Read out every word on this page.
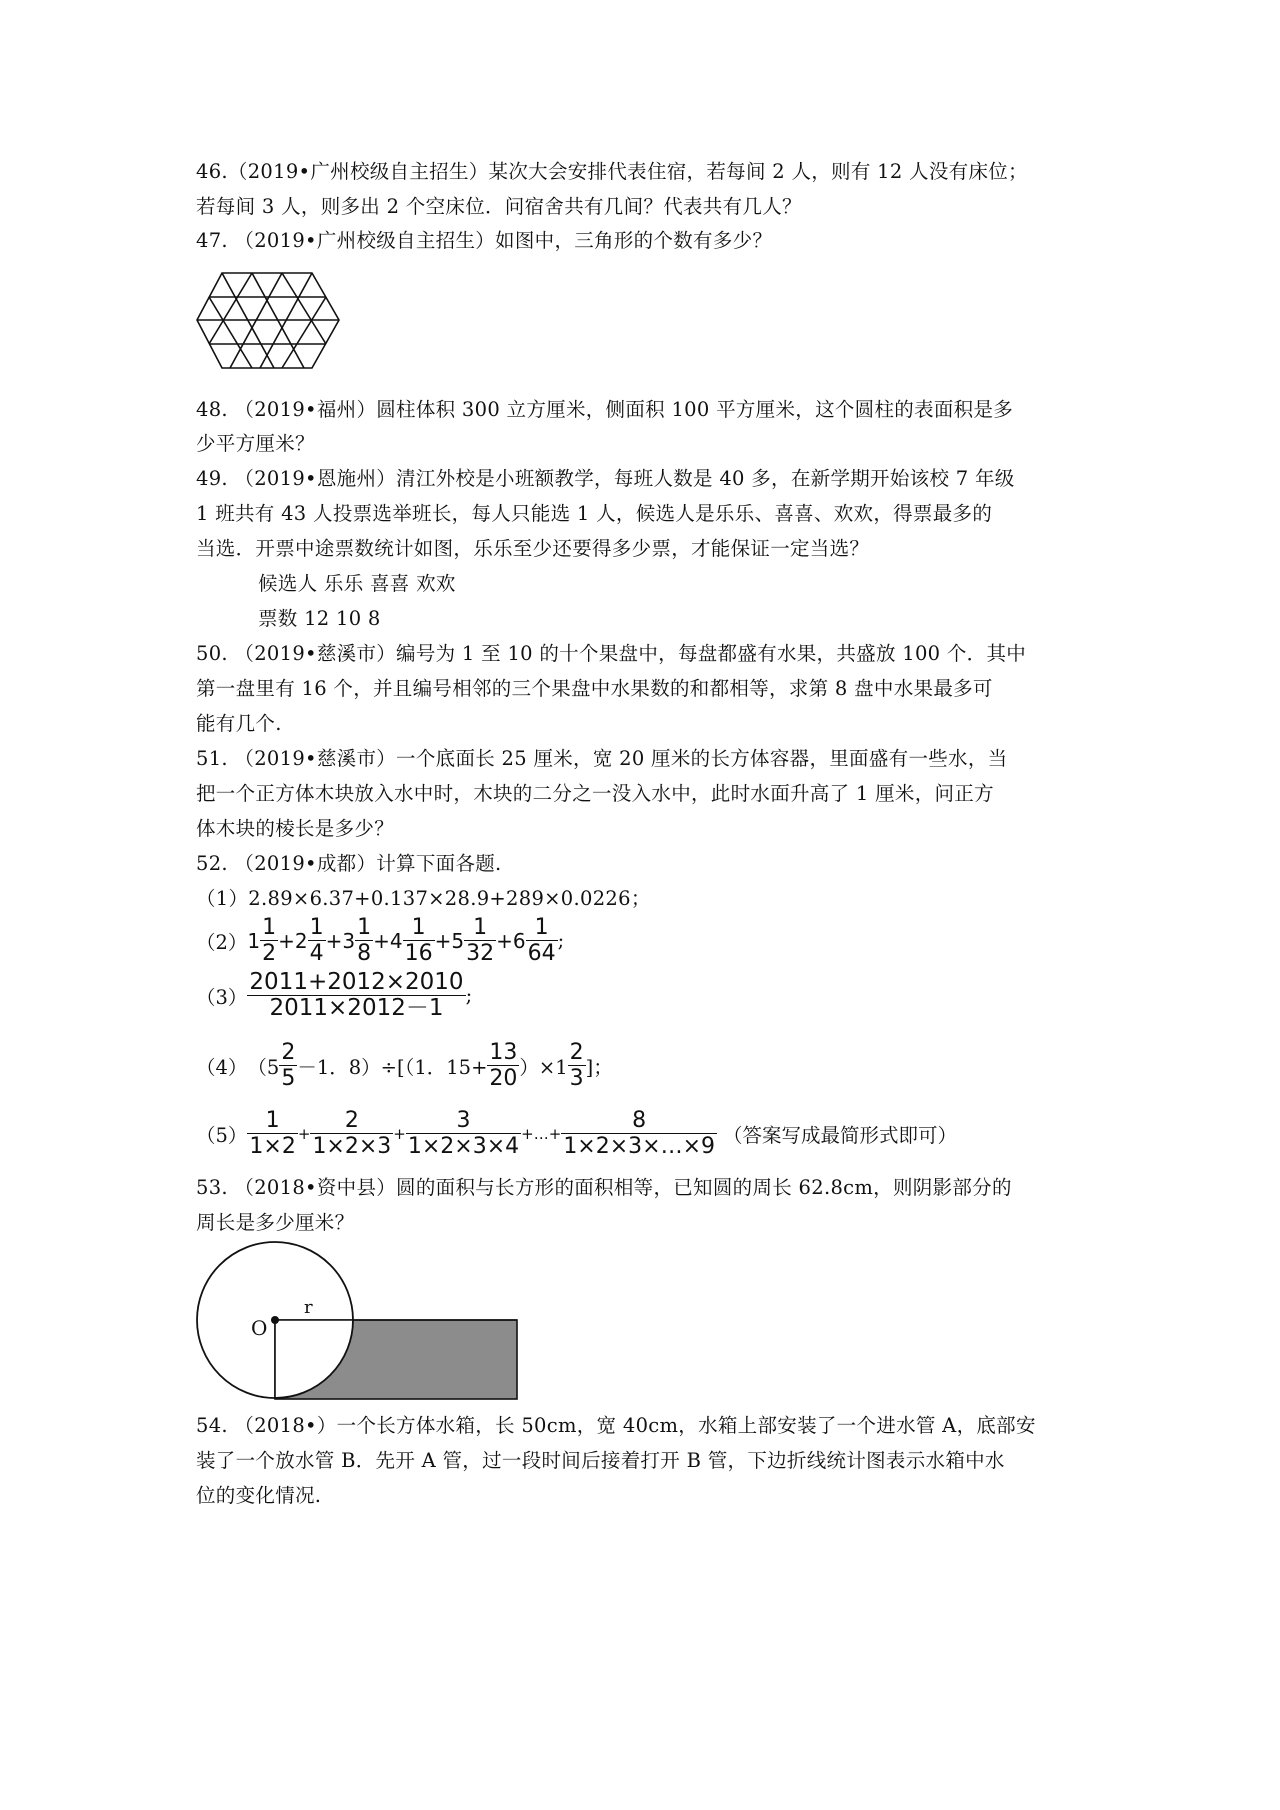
46.（2019•广州校级自主招生）某次大会安排代表住宿，若每间 2 人，则有 12 人没有床位；
若每间 3 人，则多出 2 个空床位．问宿舍共有几间？代表共有几人？
47. （2019•广州校级自主招生）如图中，三角形的个数有多少？
48. （2019•福州）圆柱体积 300 立方厘米，侧面积 100 平方厘米，这个圆柱的表面积是多
少平方厘米？
49. （2019•恩施州）清江外校是小班额教学，每班人数是 40 多，在新学期开始该校 7 年级
1 班共有 43 人投票选举班长，每人只能选 1 人，候选人是乐乐、喜喜、欢欢，得票最多的
当选．开票中途票数统计如图，乐乐至少还要得多少票，才能保证一定当选？
候选人 乐乐 喜喜 欢欢
票数 12 10 8
50. （2019•慈溪市）编号为 1 至 10 的十个果盘中，每盘都盛有水果，共盛放 100 个．其中
第一盘里有 16 个，并且编号相邻的三个果盘中水果数的和都相等，求第 8 盘中水果最多可
能有几个.
51. （2019•慈溪市）一个底面长 25 厘米，宽 20 厘米的长方体容器，里面盛有一些水，当
把一个正方体木块放入水中时，木块的二分之一没入水中，此时水面升高了 1 厘米，问正方
体木块的棱长是多少？
52. （2019•成都）计算下面各题.
（1）2.89×6.37+0.137×28.9+289×0.0226；
（2） $1 \frac{1}{2} +2 \frac{1}{4} +3 \frac{1}{8} +4 \frac{1}{16} +5 \frac{1}{32} +6 \frac{1}{64}$ ;
$(3) \frac{2011+2012\times 2010}{2011\times 2012-1}$ ;
（4） （$5 \frac{2}{5} -1$．8）÷[（1．$15+ \frac{13}{20} )\times 1 \frac{2}{3}$ ]；
$(5) \frac{1}{1\times 2} + \frac{2}{1\times 2\times 3} + \frac{3}{1\times 2\times 3\times 4}$ +…+ $\frac{8}{1\times 2\times 3\times\dots\times 9}$ （答案写成最简形式即可）
53. （2018•资中县）圆的面积与长方形的面积相等，已知圆的周长 62.8cm，则阴影部分的
周长是多少厘米？
r
O
54. （2018•）一个长方体水箱，长 50cm，宽 40cm，水箱上部安装了一个进水管 A，底部安
装了一个放水管 B．先开 A 管，过一段时间后接着打开 B 管，下边折线统计图表示水箱中水
位的变化情况.
